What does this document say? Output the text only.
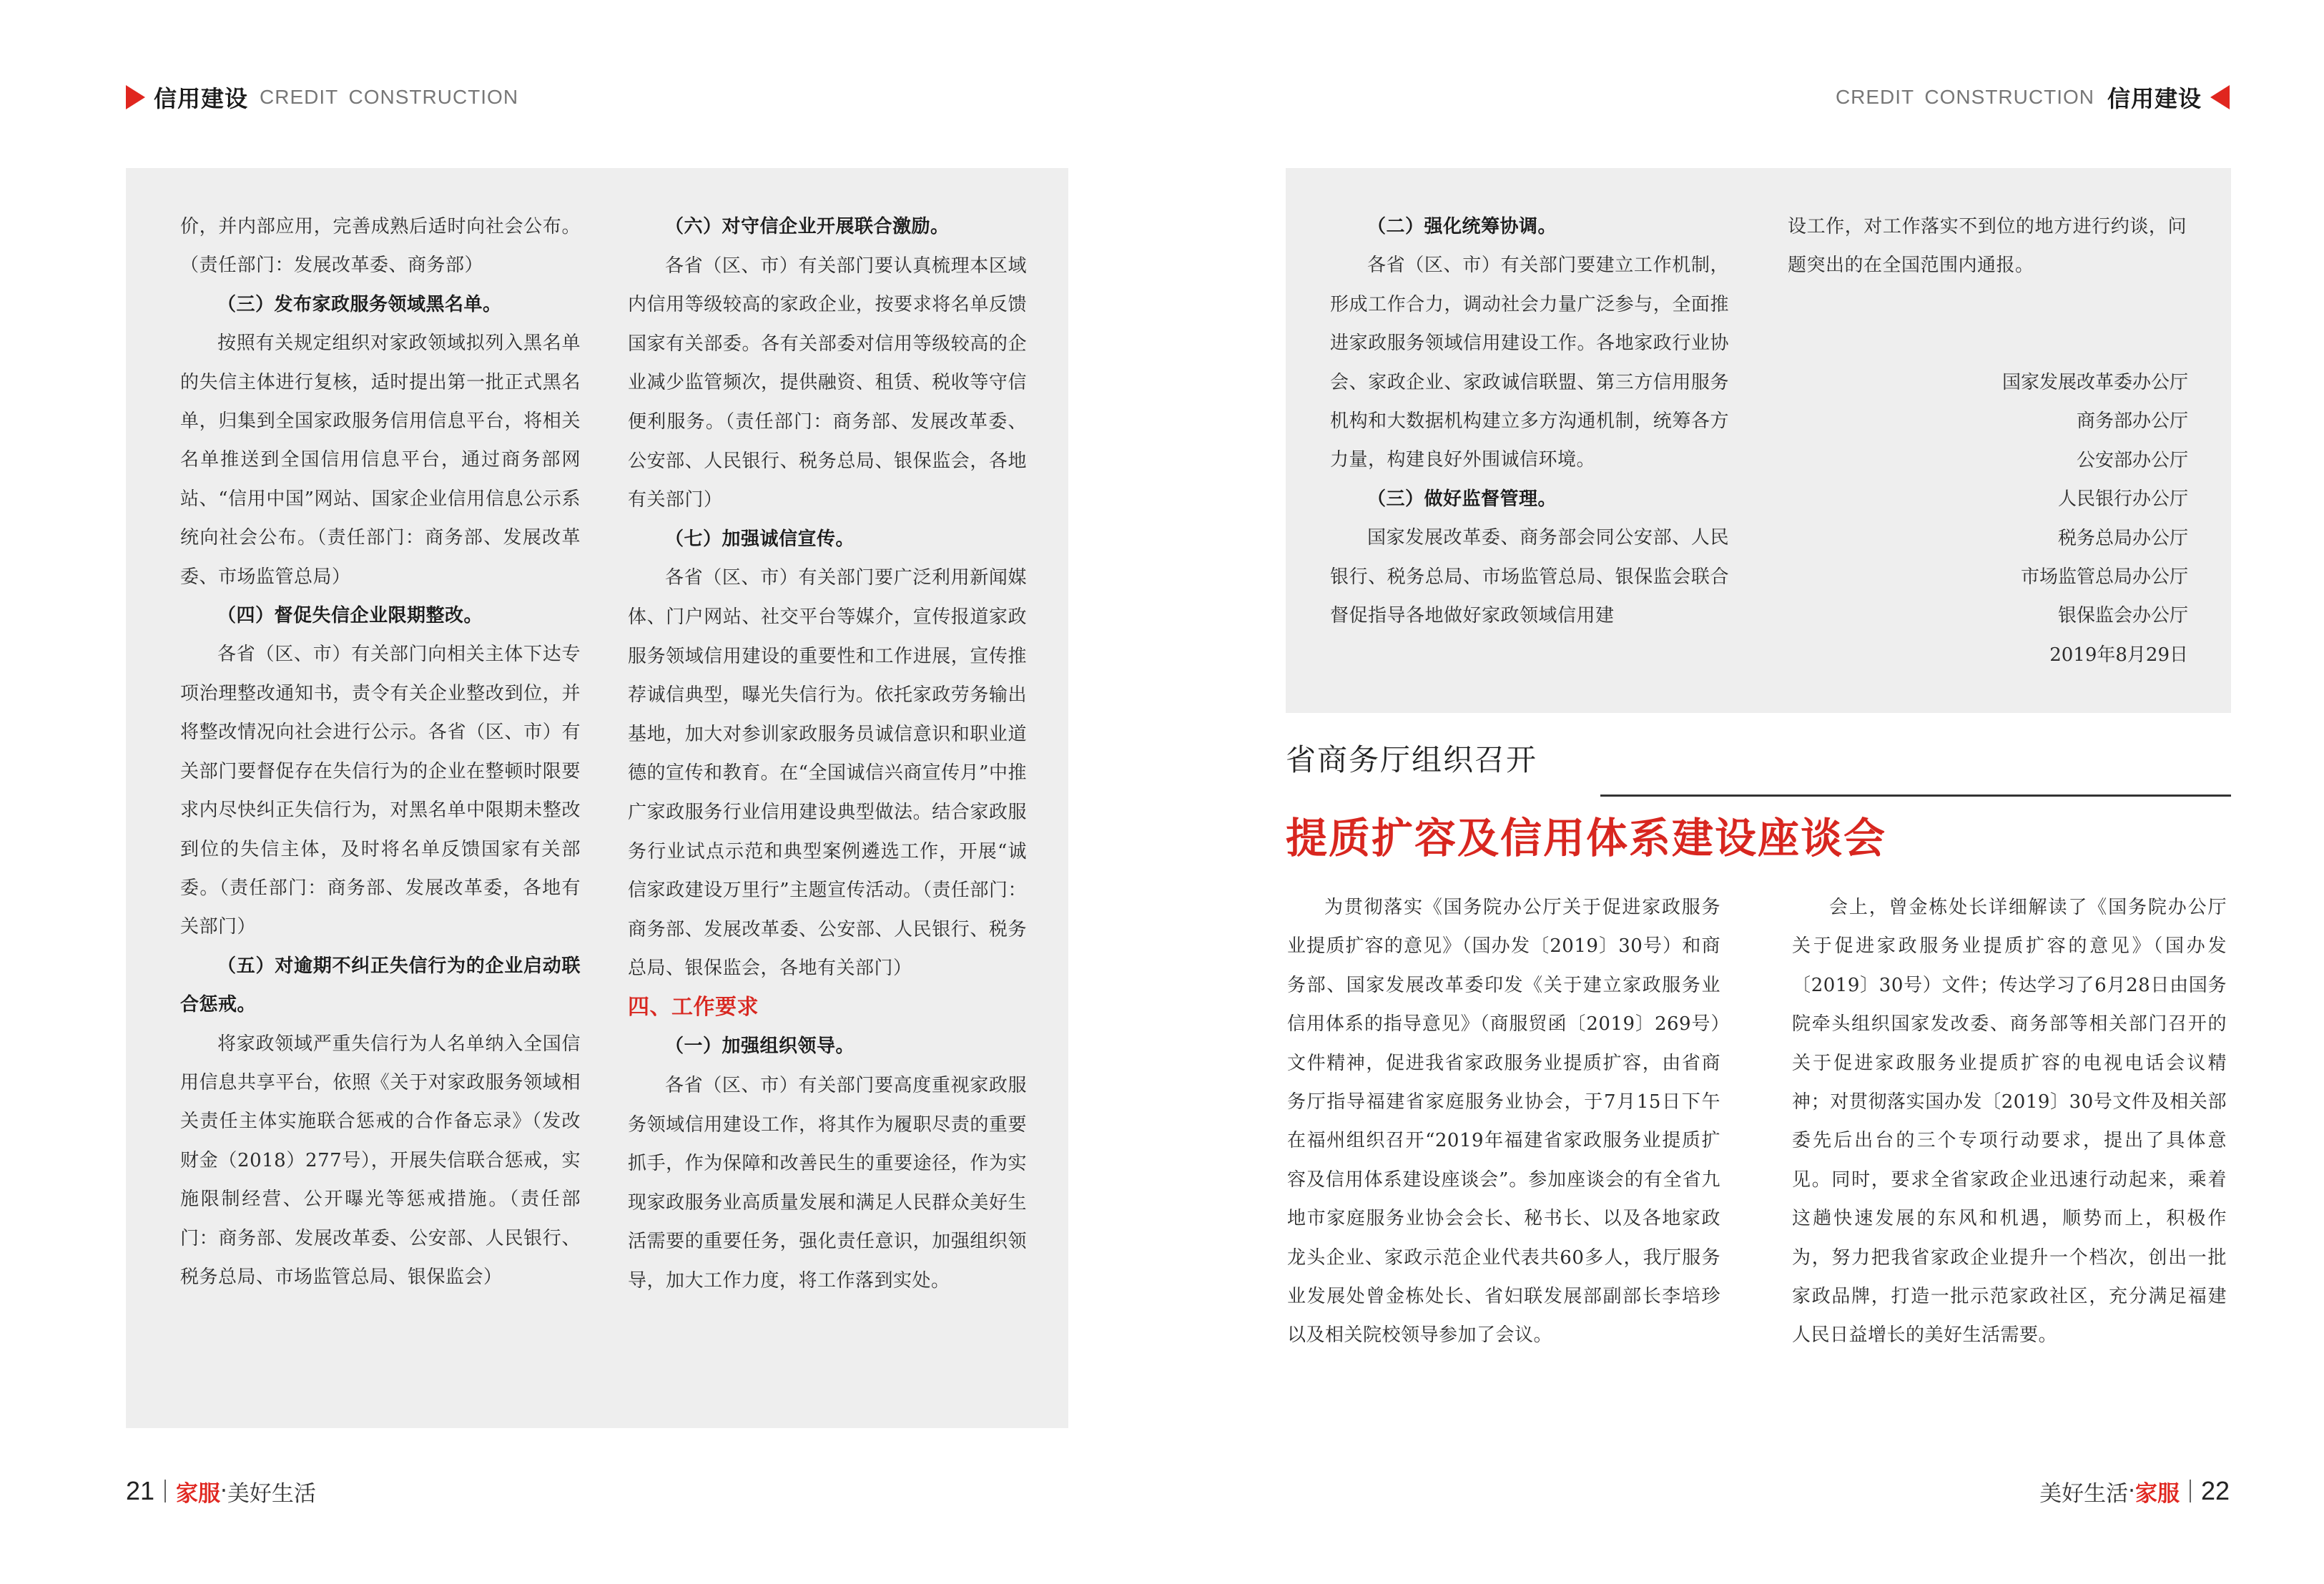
信用建设 CREDIT CONSTRUCTION	CREDIT CONSTRUCTION 信用建设

价，并内部应用，完善成熟后适时向社会公布。（责任部门：发展改革委、商务部）

（三）发布家政服务领域黑名单。

按照有关规定组织对家政领域拟列入黑名单的失信主体进行复核，适时提出第一批正式黑名单，归集到全国家政服务信用信息平台，将相关名单推送到全国信用信息平台，通过商务部网站、“信用中国”网站、国家企业信用信息公示系统向社会公布。（责任部门：商务部、发展改革委、市场监管总局）

（四）督促失信企业限期整改。

各省（区、市）有关部门向相关主体下达专项治理整改通知书，责令有关企业整改到位，并将整改情况向社会进行公示。各省（区、市）有关部门要督促存在失信行为的企业在整顿时限要求内尽快纠正失信行为，对黑名单中限期未整改到位的失信主体，及时将名单反馈国家有关部委。（责任部门：商务部、发展改革委，各地有关部门）

（五）对逾期不纠正失信行为的企业启动联合惩戒。

将家政领域严重失信行为人名单纳入全国信用信息共享平台，依照《关于对家政服务领域相关责任主体实施联合惩戒的合作备忘录》（发改财金（2018）277号），开展失信联合惩戒，实施限制经营、公开曝光等惩戒措施。（责任部门：商务部、发展改革委、公安部、人民银行、税务总局、市场监管总局、银保监会）

（六）对守信企业开展联合激励。

各省（区、市）有关部门要认真梳理本区域内信用等级较高的家政企业，按要求将名单反馈国家有关部委。各有关部委对信用等级较高的企业减少监管频次，提供融资、租赁、税收等守信便利服务。（责任部门：商务部、发展改革委、公安部、人民银行、税务总局、银保监会，各地有关部门）

（七）加强诚信宣传。

各省（区、市）有关部门要广泛利用新闻媒体、门户网站、社交平台等媒介，宣传报道家政服务领域信用建设的重要性和工作进展，宣传推荐诚信典型，曝光失信行为。依托家政劳务输出基地，加大对参训家政服务员诚信意识和职业道德的宣传和教育。在“全国诚信兴商宣传月”中推广家政服务行业信用建设典型做法。结合家政服务行业试点示范和典型案例遴选工作，开展“诚信家政建设万里行”主题宣传活动。（责任部门：商务部、发展改革委、公安部、人民银行、税务总局、银保监会，各地有关部门）

四、工作要求

（一）加强组织领导。

各省（区、市）有关部门要高度重视家政服务领域信用建设工作，将其作为履职尽责的重要抓手，作为保障和改善民生的重要途径，作为实现家政服务业高质量发展和满足人民群众美好生活需要的重要任务，强化责任意识，加强组织领导，加大工作力度，将工作落到实处。

（二）强化统筹协调。

各省（区、市）有关部门要建立工作机制，形成工作合力，调动社会力量广泛参与，全面推进家政服务领域信用建设工作。各地家政行业协会、家政企业、家政诚信联盟、第三方信用服务机构和大数据机构建立多方沟通机制，统筹各方力量，构建良好外围诚信环境。

（三）做好监督管理。

国家发展改革委、商务部会同公安部、人民银行、税务总局、市场监管总局、银保监会联合督促指导各地做好家政领域信用建

设工作，对工作落实不到位的地方进行约谈，问题突出的在全国范围内通报。

国家发展改革委办公厅
商务部办公厅
公安部办公厅
人民银行办公厅
税务总局办公厅
市场监管总局办公厅
银保监会办公厅
2019年8月29日
省商务厅组织召开
提质扩容及信用体系建设座谈会

为贯彻落实《国务院办公厅关于促进家政服务业提质扩容的意见》（国办发〔2019〕30号）和商务部、国家发展改革委印发《关于建立家政服务业信用体系的指导意见》（商服贸函〔2019〕269号）文件精神，促进我省家政服务业提质扩容，由省商务厅指导福建省家庭服务业协会，于7月15日下午在福州组织召开“2019年福建省家政服务业提质扩容及信用体系建设座谈会”。参加座谈会的有全省九地市家庭服务业协会会长、秘书长、以及各地家政龙头企业、家政示范企业代表共60多人，我厅服务业发展处曾金栋处长、省妇联发展部副部长李培珍以及相关院校领导参加了会议。

会上，曾金栋处长详细解读了《国务院办公厅关于促进家政服务业提质扩容的意见》（国办发〔2019〕30号）文件；传达学习了6月28日由国务院牵头组织国家发改委、商务部等相关部门召开的关于促进家政服务业提质扩容的电视电话会议精神；对贯彻落实国办发〔2019〕30号文件及相关部委先后出台的三个专项行动要求，提出了具体意见。同时，要求全省家政企业迅速行动起来，乘着这趟快速发展的东风和机遇，顺势而上，积极作为，努力把我省家政企业提升一个档次，创出一批家政品牌，打造一批示范家政社区，充分满足福建人民日益增长的美好生活需要。

21 家服 · 美好生活	美好生活 · 家服 22
